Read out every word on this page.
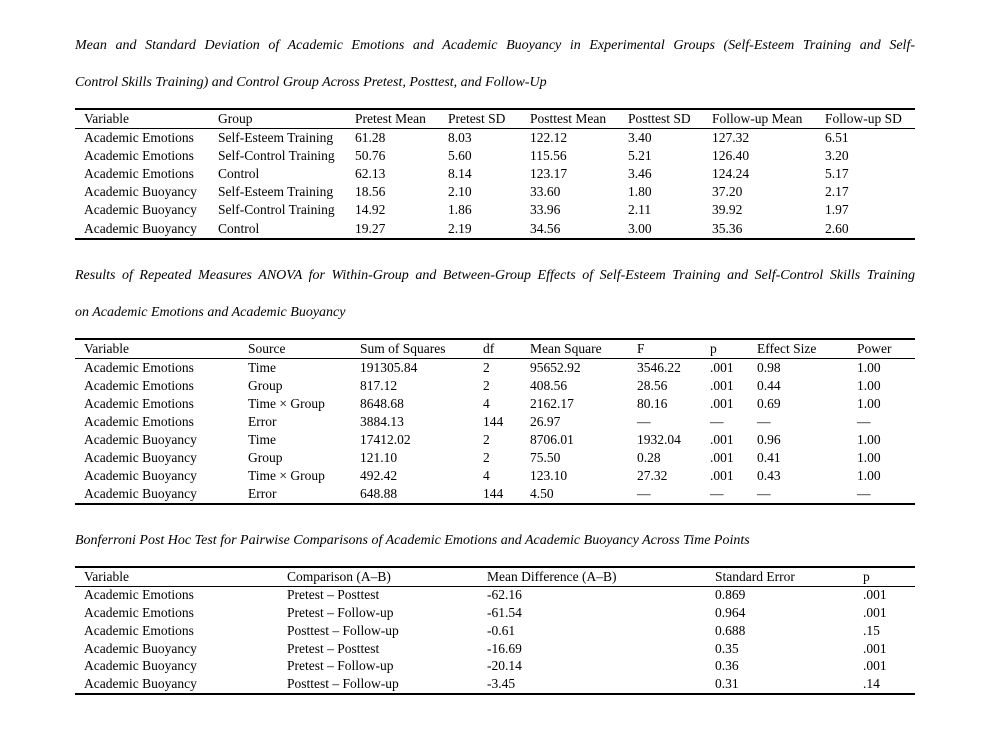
Mean and Standard Deviation of Academic Emotions and Academic Buoyancy in Experimental Groups (Self-Esteem Training and Self-
Control Skills Training) and Control Group Across Pretest, Posttest, and Follow-Up
Variable	Group	Pretest Mean	Pretest SD	Posttest Mean	Posttest SD	Follow-up Mean	Follow-up SD
Academic Emotions	Self-Esteem Training	61.28	8.03	122.12	3.40	127.32	6.51
Academic Emotions	Self-Control Training	50.76	5.60	115.56	5.21	126.40	3.20
Academic Emotions	Control	62.13	8.14	123.17	3.46	124.24	5.17
Academic Buoyancy	Self-Esteem Training	18.56	2.10	33.60	1.80	37.20	2.17
Academic Buoyancy	Self-Control Training	14.92	1.86	33.96	2.11	39.92	1.97
Academic Buoyancy	Control	19.27	2.19	34.56	3.00	35.36	2.60
Results of Repeated Measures ANOVA for Within-Group and Between-Group Effects of Self-Esteem Training and Self-Control Skills Training
on Academic Emotions and Academic Buoyancy
Variable	Source	Sum of Squares	df	Mean Square	F	p	Effect Size	Power
Academic Emotions	Time	191305.84	2	95652.92	3546.22	.001	0.98	1.00
Academic Emotions	Group	817.12	2	408.56	28.56	.001	0.44	1.00
Academic Emotions	Time × Group	8648.68	4	2162.17	80.16	.001	0.69	1.00
Academic Emotions	Error	3884.13	144	26.97	—	—	—	—
Academic Buoyancy	Time	17412.02	2	8706.01	1932.04	.001	0.96	1.00
Academic Buoyancy	Group	121.10	2	75.50	0.28	.001	0.41	1.00
Academic Buoyancy	Time × Group	492.42	4	123.10	27.32	.001	0.43	1.00
Academic Buoyancy	Error	648.88	144	4.50	—	—	—	—
Bonferroni Post Hoc Test for Pairwise Comparisons of Academic Emotions and Academic Buoyancy Across Time Points
Variable	Comparison (A–B)	Mean Difference (A–B)	Standard Error	p
Academic Emotions	Pretest – Posttest	-62.16	0.869	.001
Academic Emotions	Pretest – Follow-up	-61.54	0.964	.001
Academic Emotions	Posttest – Follow-up	-0.61	0.688	.15
Academic Buoyancy	Pretest – Posttest	-16.69	0.35	.001
Academic Buoyancy	Pretest – Follow-up	-20.14	0.36	.001
Academic Buoyancy	Posttest – Follow-up	-3.45	0.31	.14
